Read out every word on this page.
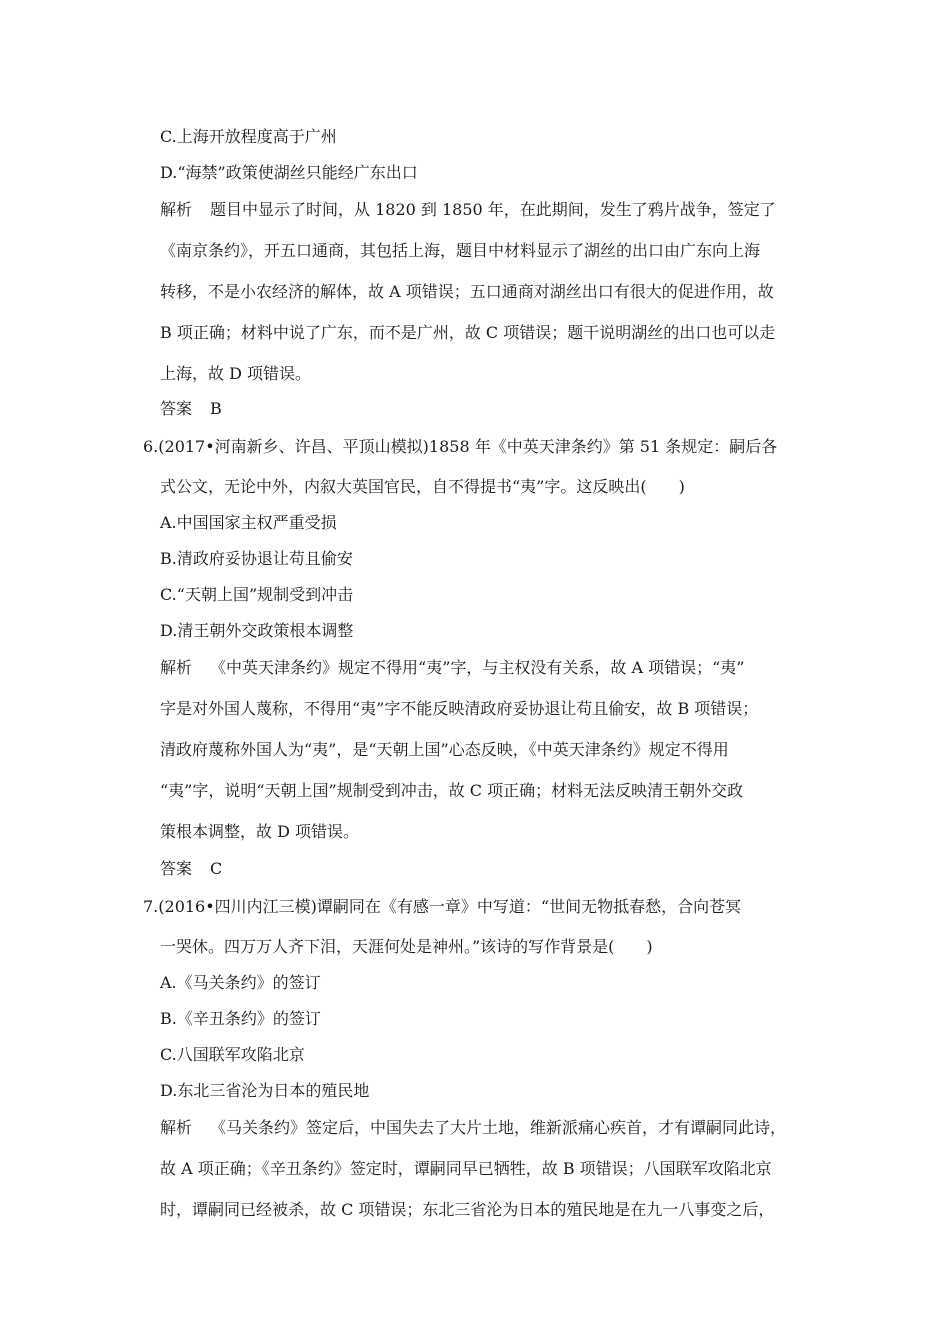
C.上海开放程度高于广州
D.“海禁”政策使湖丝只能经广东出口
解析 题目中显示了时间，从 1820 到 1850 年，在此期间，发生了鸦片战争，签定了
《南京条约》，开五口通商，其包括上海，题目中材料显示了湖丝的出口由广东向上海
转移，不是小农经济的解体，故 A 项错误；五口通商对湖丝出口有很大的促进作用，故
B 项正确；材料中说了广东，而不是广州，故 C 项错误；题干说明湖丝的出口也可以走
上海，故 D 项错误。
答案 B
6.(2017•河南新乡、许昌、平顶山模拟)1858 年《中英天津条约》第 51 条规定：嗣后各
式公文，无论中外，内叙大英国官民，自不得提书“夷”字。这反映出(　　)
A.中国国家主权严重受损
B.清政府妥协退让苟且偷安
C.“天朝上国”规制受到冲击
D.清王朝外交政策根本调整
解析 《中英天津条约》规定不得用“夷”字，与主权没有关系，故 A 项错误；“夷”
字是对外国人蔑称，不得用“夷”字不能反映清政府妥协退让苟且偷安，故 B 项错误；
清政府蔑称外国人为“夷”，是“天朝上国”心态反映，《中英天津条约》规定不得用
“夷”字，说明“天朝上国”规制受到冲击，故 C 项正确；材料无法反映清王朝外交政
策根本调整，故 D 项错误。
答案 C
7.(2016•四川内江三模)谭嗣同在《有感一章》中写道：“世间无物抵春愁，合向苍冥
一哭休。四万万人齐下泪，天涯何处是神州。”该诗的写作背景是(　　)
A.《马关条约》的签订
B.《辛丑条约》的签订
C.八国联军攻陷北京
D.东北三省沦为日本的殖民地
解析 《马关条约》签定后，中国失去了大片土地，维新派痛心疾首，才有谭嗣同此诗，
故 A 项正确；《辛丑条约》签定时，谭嗣同早已牺牲，故 B 项错误；八国联军攻陷北京
时，谭嗣同已经被杀，故 C 项错误；东北三省沦为日本的殖民地是在九一八事变之后，
